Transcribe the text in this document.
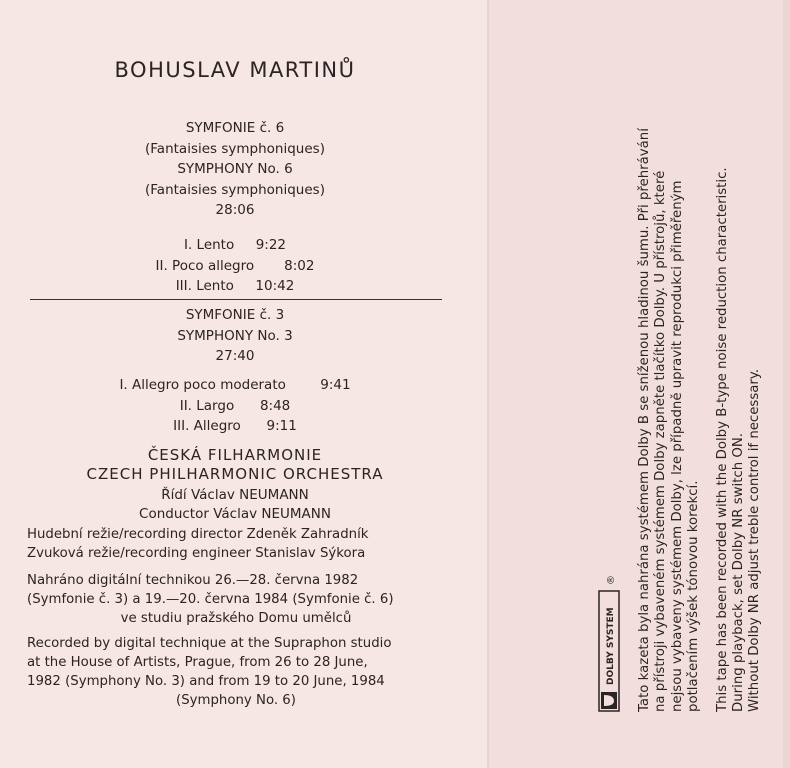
BOHUSLAV MARTINŮ
SYMFONIE č. 6
(Fantaisies symphoniques)
SYMPHONY No. 6
(Fantaisies symphoniques)
28:06
I. Lento 9:22
II. Poco allegro 8:02
III. Lento 10:42
SYMFONIE č. 3
SYMPHONY No. 3
27:40
I. Allegro poco moderato	9:41
II. Largo 8:48
III. Allegro 9:11
ČESKÁ FILHARMONIE
CZECH PHILHARMONIC ORCHESTRA
Řídí Václav NEUMANN
Conductor Václav NEUMANN
Hudební režie/recording director Zdeněk Zahradník
Zvuková režie/recording engineer Stanislav Sýkora
Nahráno digitální technikou 26.—28. června 1982
(Symfonie č. 3) a 19.—20. června 1984 (Symfonie č. 6)
ve studiu pražského Domu umělců
Recorded by digital technique at the Supraphon studio
at the House of Artists, Prague, from 26 to 28 June,
1982 (Symphony No. 3) and from 19 to 20 June, 1984
(Symphony No. 6)
DOLBY SYSTEM
® Tato kazeta byla nahrána systémem Dolby B se sníženou hladinou šumu. Při přehrávání na přístroji vybaveném systémem Dolby zapněte tlačítko Dolby. U přístrojů, které nejsou vybaveny systémem Dolby, lze případně upravit reprodukci přiměřeným potlačením výšek tónovou korekcí. This tape has been recorded with the Dolby B-type noise reduction characteristic. During playback, set Dolby NR switch ON. Without Dolby NR adjust treble control if necessary.
